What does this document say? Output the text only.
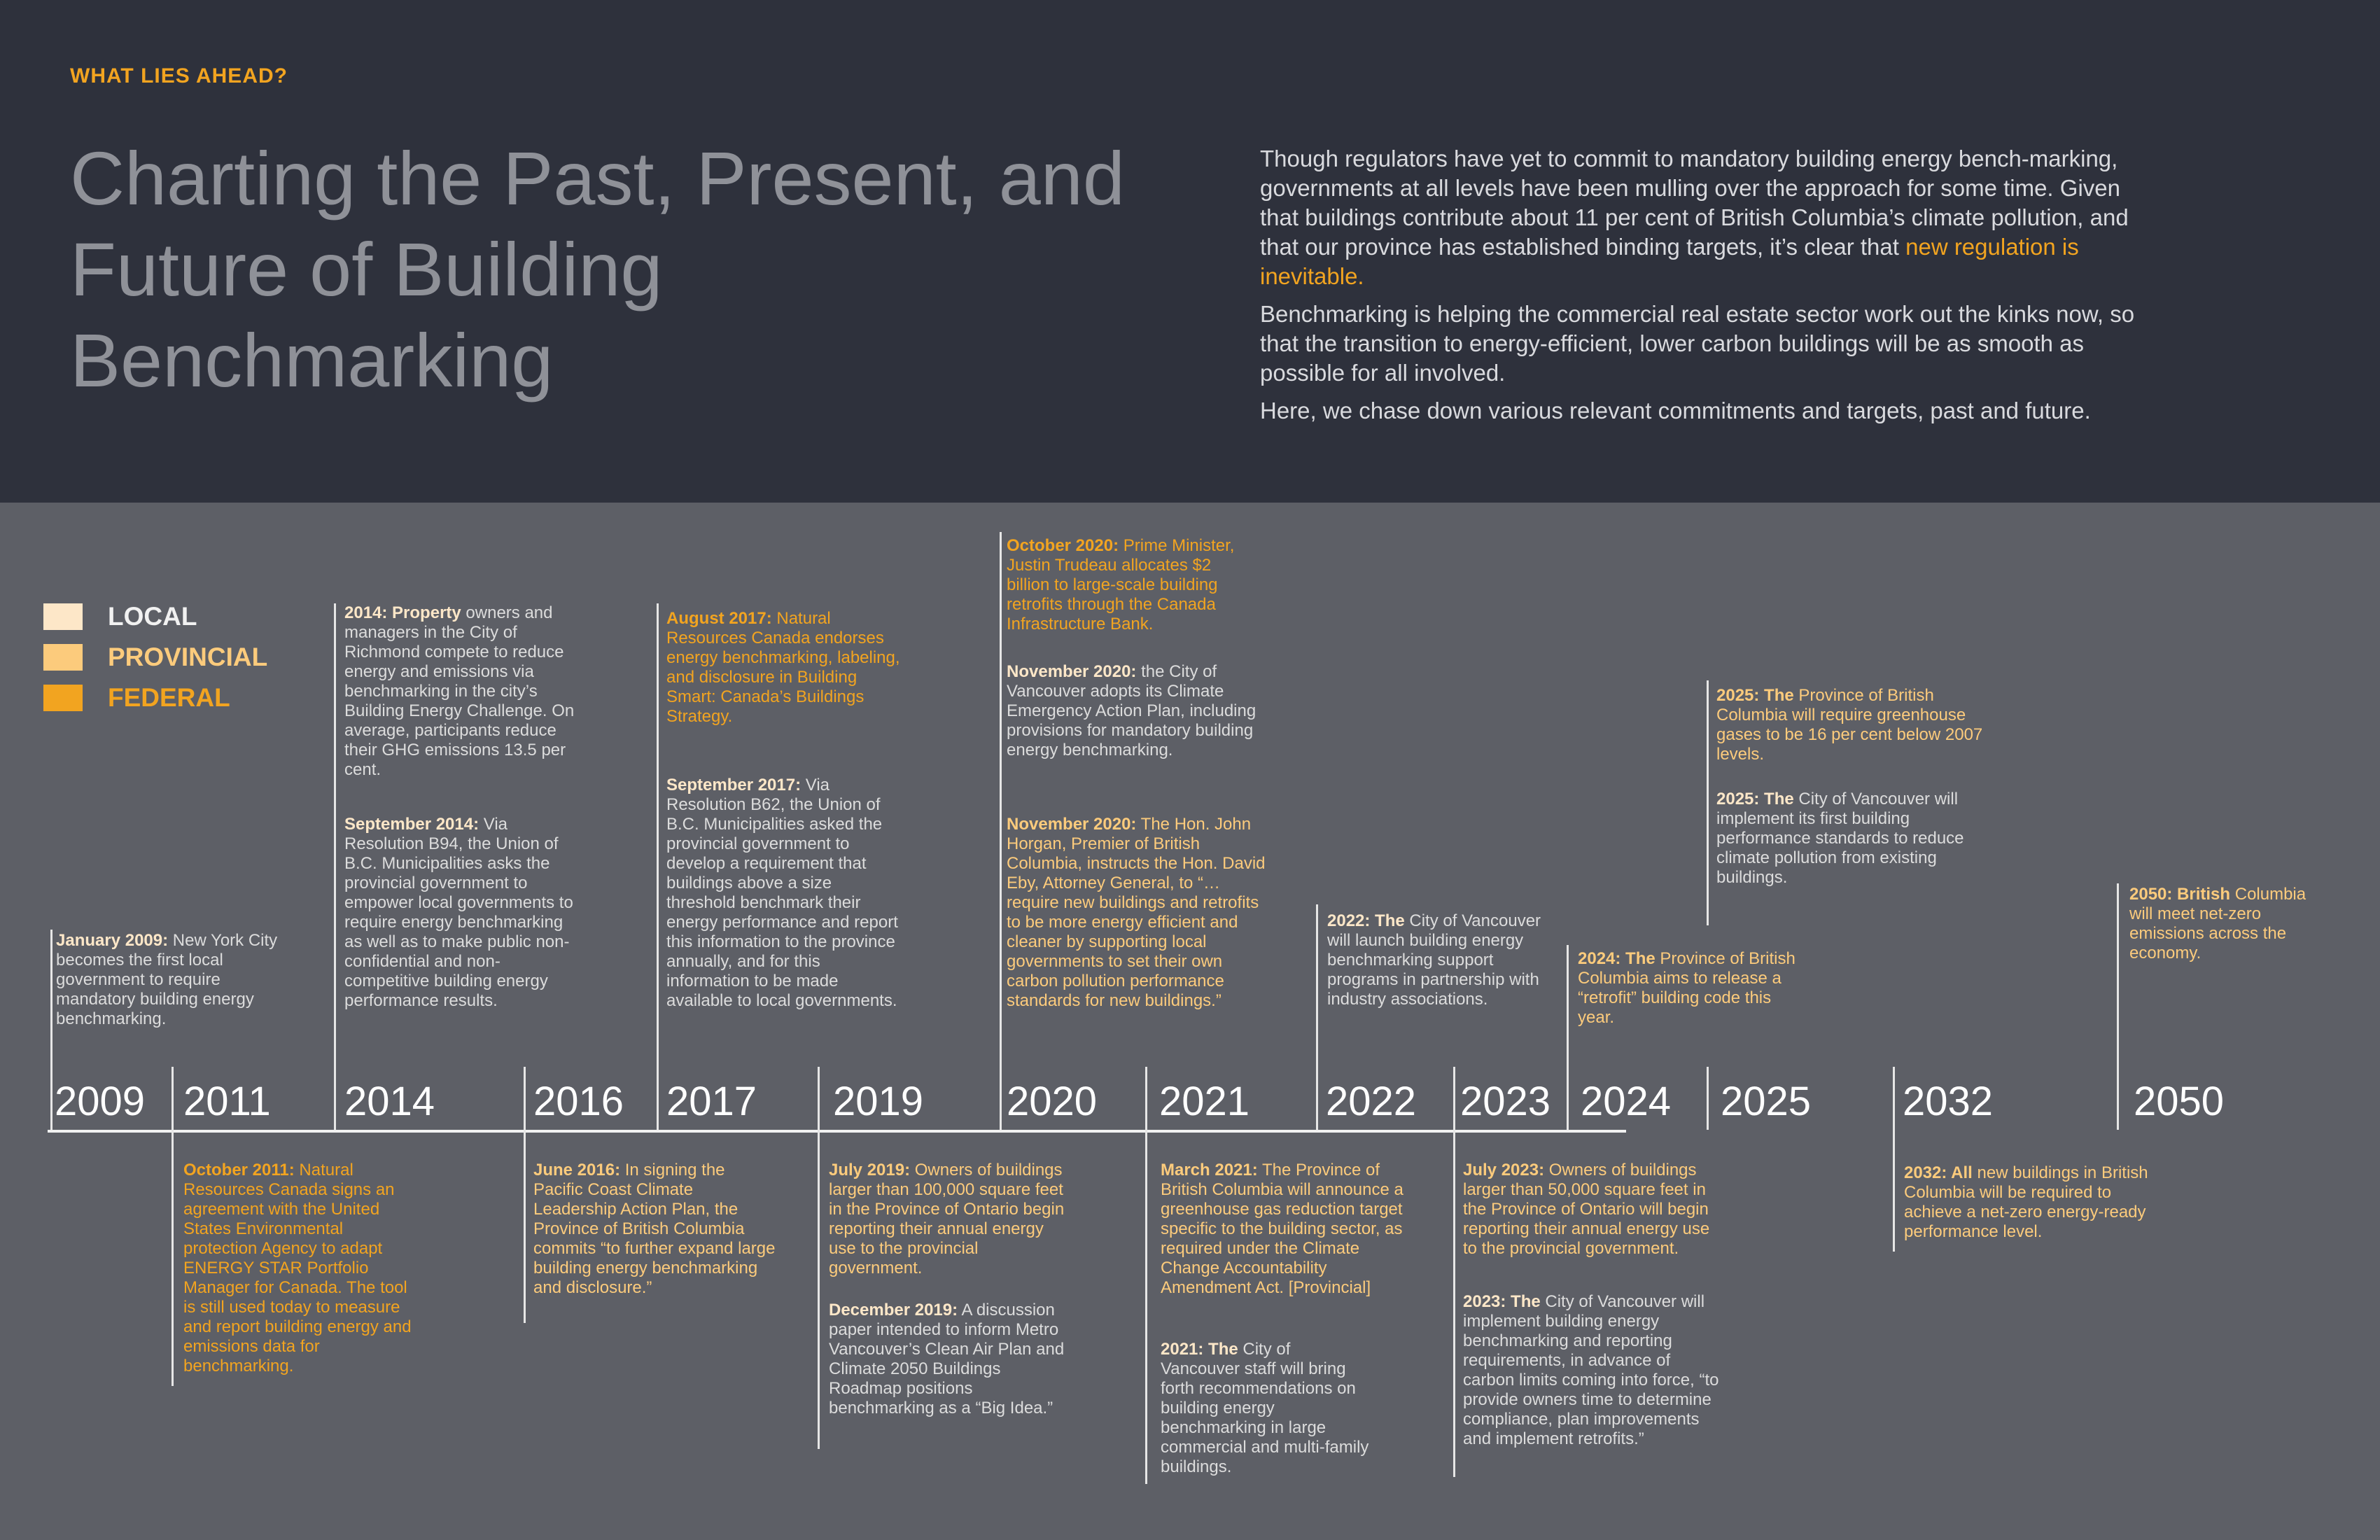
WHAT LIES AHEAD?
Charting the Past, Present, and Future of Building Benchmarking

Though regulators have yet to commit to mandatory building energy bench-marking, governments at all levels have been mulling over the approach for some time. Given that buildings contribute about 11 per cent of British Columbia’s climate pollution, and that our province has established binding targets, it’s clear that new regulation is inevitable.

Benchmarking is helping the commercial real estate sector work out the kinks now, so that the transition to energy-efficient, lower carbon buildings will be as smooth as possible for all involved.

Here, we chase down various relevant commitments and targets, past and future.

LOCAL
PROVINCIAL
FEDERAL
2009 2011 2014 2016 2017 2019 2020 2021 2022 2023 2024 2025 2032	2050

January 2009: New York City becomes the first local government to require mandatory building energy benchmarking.

2014: Property owners and managers in the City of Richmond compete to reduce energy and emissions via benchmarking in the city’s Building Energy Challenge. On average, participants reduce their GHG emissions 13.5 per cent.

September 2014: Via Resolution B94, the Union of B.C. Municipalities asks the provincial government to empower local governments to require energy benchmarking as well as to make public non-confidential and non-competitive building energy performance results.

August 2017: Natural Resources Canada endorses energy benchmarking, labeling, and disclosure in Building Smart: Canada’s Buildings Strategy.

September 2017: Via Resolution B62, the Union of B.C. Municipalities asked the provincial government to develop a requirement that buildings above a size threshold benchmark their energy performance and report this information to the province annually, and for this information to be made available to local governments.

October 2020: Prime Minister, Justin Trudeau allocates $2 billion to large-scale building retrofits through the Canada Infrastructure Bank.

November 2020: the City of Vancouver adopts its Climate Emergency Action Plan, including provisions for mandatory building energy benchmarking.

November 2020: The Hon. John Horgan, Premier of British Columbia, instructs the Hon. David Eby, Attorney General, to “…require new buildings and retrofits to be more energy efficient and cleaner by supporting local governments to set their own carbon pollution performance standards for new buildings.”

2022: The City of Vancouver will launch building energy benchmarking support programs in partnership with industry associations.

2024: The Province of British Columbia aims to release a “retrofit” building code this year.

2025: The Province of British Columbia will require greenhouse gases to be 16 per cent below 2007 levels.

2025: The City of Vancouver will implement its first building performance standards to reduce climate pollution from existing buildings.

2050: British Columbia will meet net-zero emissions across the economy.

October 2011: Natural Resources Canada signs an agreement with the United States Environmental protection Agency to adapt ENERGY STAR Portfolio Manager for Canada. The tool is still used today to measure and report building energy and emissions data for benchmarking.

June 2016: In signing the Pacific Coast Climate Leadership Action Plan, the Province of British Columbia commits “to further expand large building energy benchmarking and disclosure.”

July 2019: Owners of buildings larger than 100,000 square feet in the Province of Ontario begin reporting their annual energy use to the provincial government.

December 2019: A discussion paper intended to inform Metro Vancouver’s Clean Air Plan and Climate 2050 Buildings Roadmap positions benchmarking as a “Big Idea.”

March 2021: The Province of British Columbia will announce a greenhouse gas reduction target specific to the building sector, as required under the Climate Change Accountability Amendment Act. [Provincial]

2021: The City of Vancouver staff will bring forth recommendations on building energy benchmarking in large commercial and multi-family buildings.

July 2023: Owners of buildings larger than 50,000 square feet in the Province of Ontario will begin reporting their annual energy use to the provincial government.

2023: The City of Vancouver will implement building energy benchmarking and reporting requirements, in advance of carbon limits coming into force, “to provide owners time to determine compliance, plan improvements and implement retrofits.”

2032: All new buildings in British Columbia will be required to achieve a net-zero energy-ready performance level.
